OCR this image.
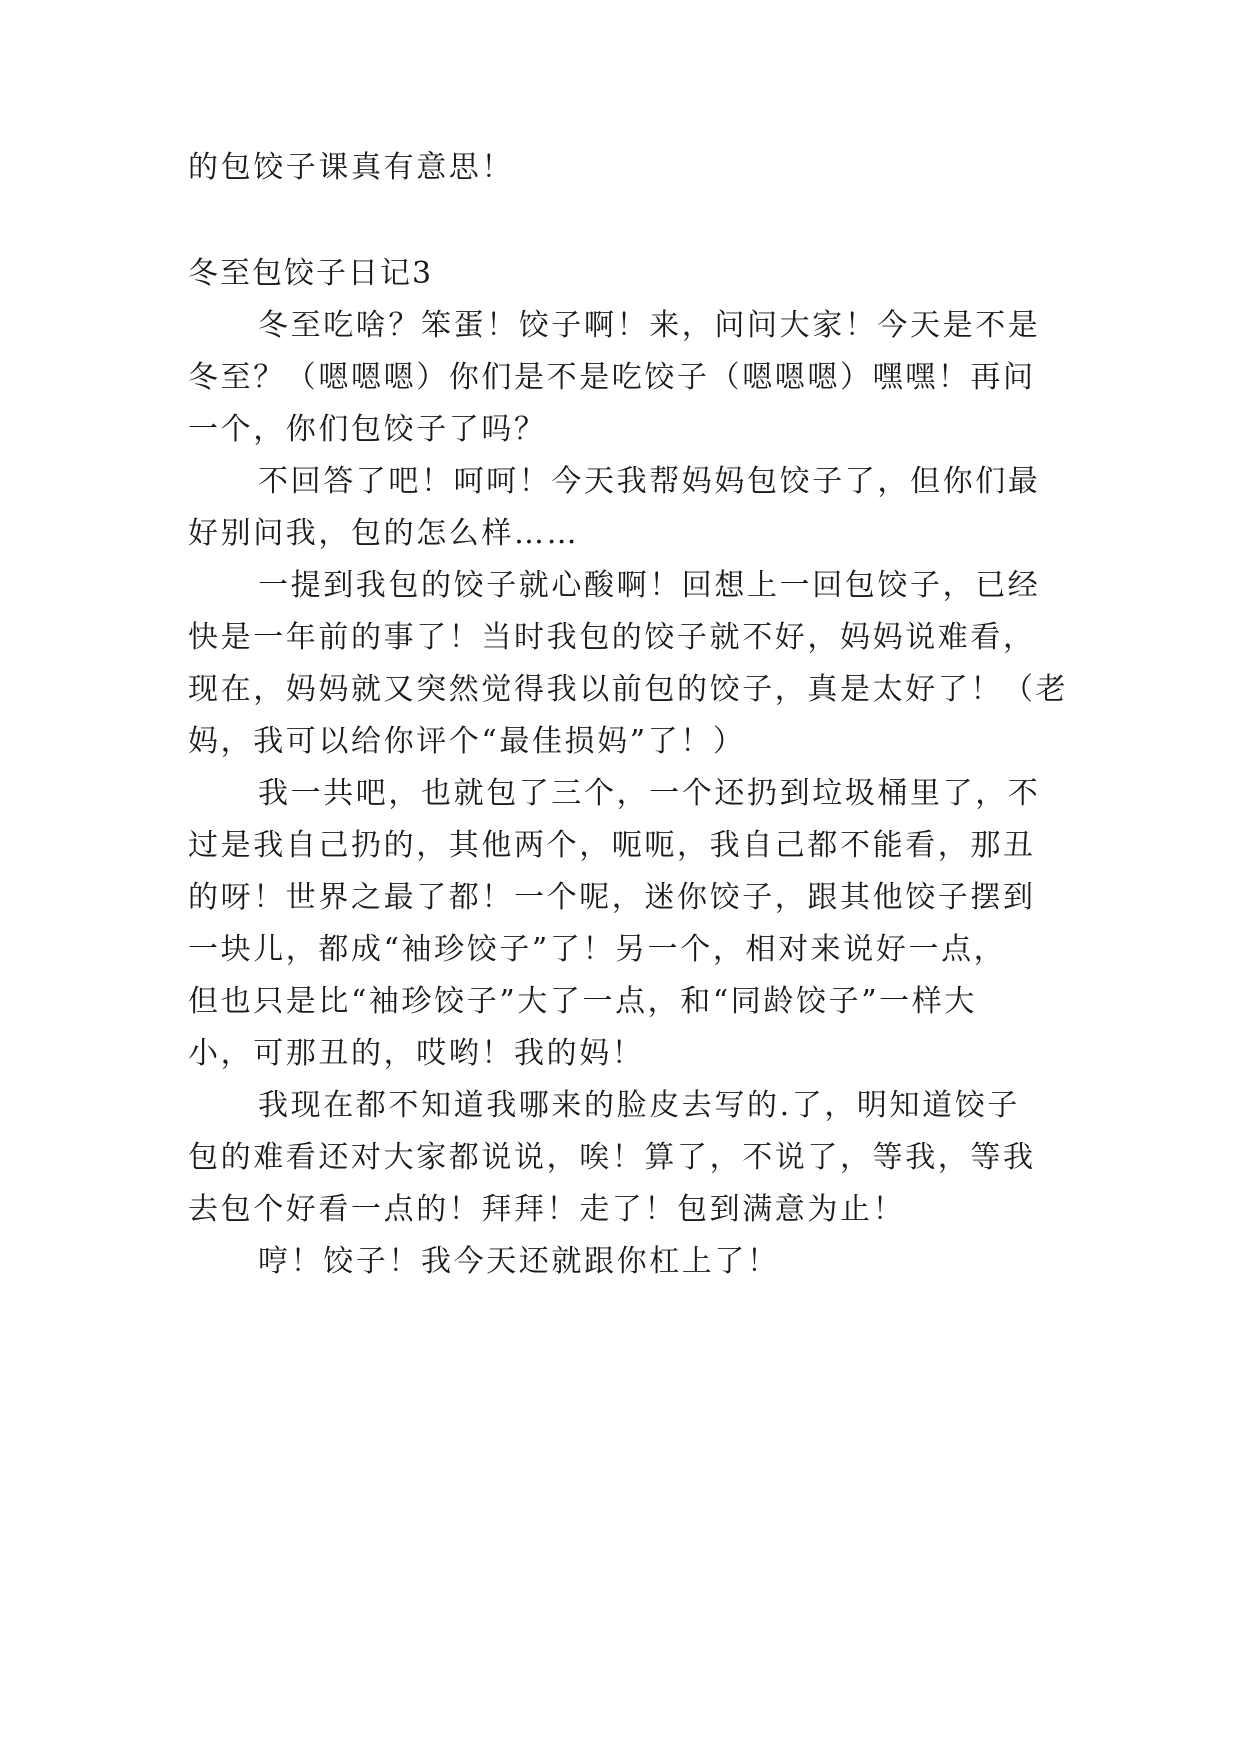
的包饺子课真有意思！
冬至包饺子日记3
冬至吃啥？笨蛋！饺子啊！来，问问大家！今天是不是
冬至？（嗯嗯嗯）你们是不是吃饺子（嗯嗯嗯）嘿嘿！再问
一个，你们包饺子了吗？
不回答了吧！呵呵！今天我帮妈妈包饺子了，但你们最
好别问我，包的怎么样……
一提到我包的饺子就心酸啊！回想上一回包饺子，已经
快是一年前的事了！当时我包的饺子就不好，妈妈说难看，
现在，妈妈就又突然觉得我以前包的饺子，真是太好了！（老
妈，我可以给你评个“最佳损妈”了！）
我一共吧，也就包了三个，一个还扔到垃圾桶里了，不
过是我自己扔的，其他两个，呃呃，我自己都不能看，那丑
的呀！世界之最了都！一个呢，迷你饺子，跟其他饺子摆到
一块儿，都成“袖珍饺子”了！另一个，相对来说好一点，
但也只是比“袖珍饺子”大了一点，和“同龄饺子”一样大
小，可那丑的，哎哟！我的妈！
我现在都不知道我哪来的脸皮去写的.了，明知道饺子
包的难看还对大家都说说，唉！算了，不说了，等我，等我
去包个好看一点的！拜拜！走了！包到满意为止！
哼！饺子！我今天还就跟你杠上了！
